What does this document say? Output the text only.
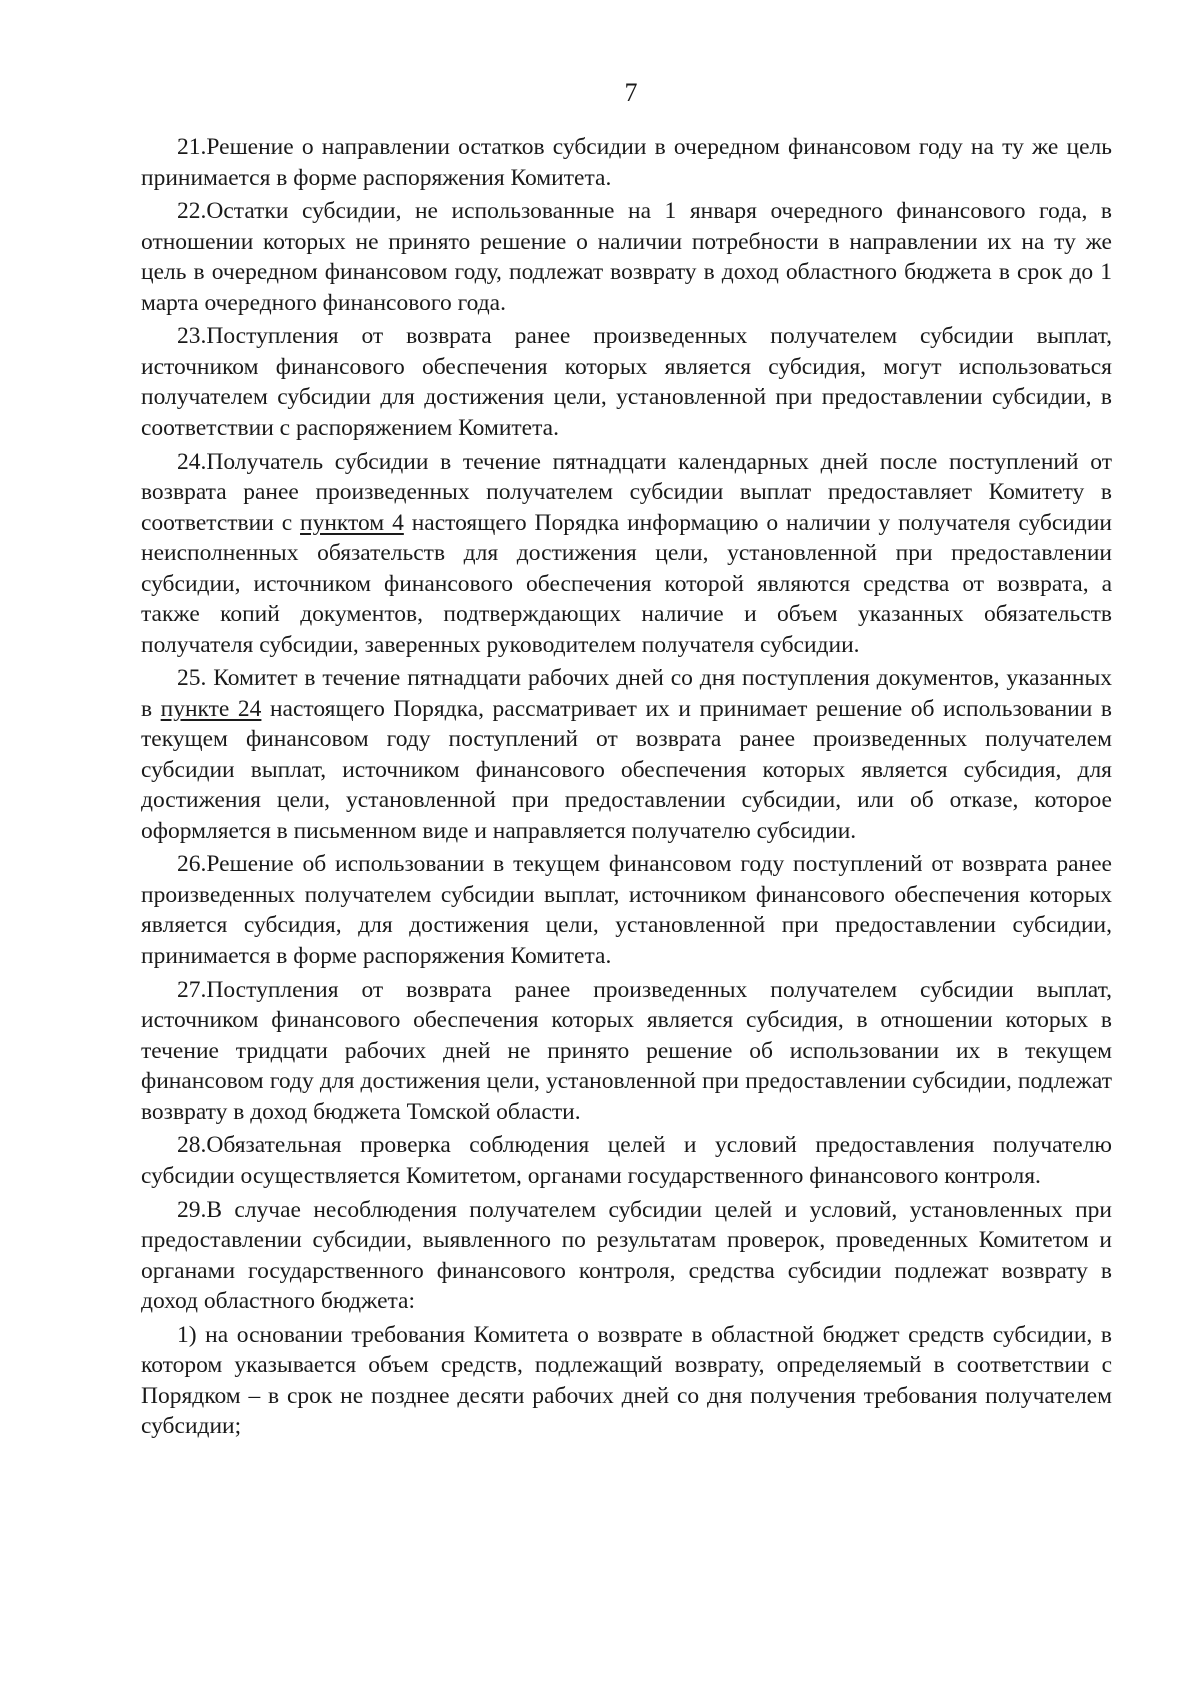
7

21.Решение о направлении остатков субсидии в очередном финансовом году на ту же цель принимается в форме распоряжения Комитета.

22.Остатки субсидии, не использованные на 1 января очередного финансового года, в отношении которых не принято решение о наличии потребности в направлении их на ту же цель в очередном финансовом году, подлежат возврату в доход областного бюджета в срок до 1 марта очередного финансового года.

23.Поступления от возврата ранее произведенных получателем субсидии выплат, источником финансового обеспечения которых является субсидия, могут использоваться получателем субсидии для достижения цели, установленной при предоставлении субсидии, в соответствии с распоряжением Комитета.

24.Получатель субсидии в течение пятнадцати календарных дней после поступлений от возврата ранее произведенных получателем субсидии выплат предоставляет Комитету в соответствии с пунктом 4 настоящего Порядка информацию о наличии у получателя субсидии неисполненных обязательств для достижения цели, установленной при предоставлении субсидии, источником финансового обеспечения которой являются средства от возврата, а также копий документов, подтверждающих наличие и объем указанных обязательств получателя субсидии, заверенных руководителем получателя субсидии.

25. Комитет в течение пятнадцати рабочих дней со дня поступления документов, указанных в пункте 24 настоящего Порядка, рассматривает их и принимает решение об использовании в текущем финансовом году поступлений от возврата ранее произведенных получателем субсидии выплат, источником финансового обеспечения которых является субсидия, для достижения цели, установленной при предоставлении субсидии, или об отказе, которое оформляется в письменном виде и направляется получателю субсидии.

26.Решение об использовании в текущем финансовом году поступлений от возврата ранее произведенных получателем субсидии выплат, источником финансового обеспечения которых является субсидия, для достижения цели, установленной при предоставлении субсидии, принимается в форме распоряжения Комитета.

27.Поступления от возврата ранее произведенных получателем субсидии выплат, источником финансового обеспечения которых является субсидия, в отношении которых в течение тридцати рабочих дней не принято решение об использовании их в текущем финансовом году для достижения цели, установленной при предоставлении субсидии, подлежат возврату в доход бюджета Томской области.

28.Обязательная проверка соблюдения целей и условий предоставления получателю субсидии осуществляется Комитетом, органами государственного финансового контроля.

29.В случае несоблюдения получателем субсидии целей и условий, установленных при предоставлении субсидии, выявленного по результатам проверок, проведенных Комитетом и органами государственного финансового контроля, средства субсидии подлежат возврату в доход областного бюджета:

1) на основании требования Комитета о возврате в областной бюджет средств субсидии, в котором указывается объем средств, подлежащий возврату, определяемый в соответствии с Порядком – в срок не позднее десяти рабочих дней со дня получения требования получателем субсидии;
